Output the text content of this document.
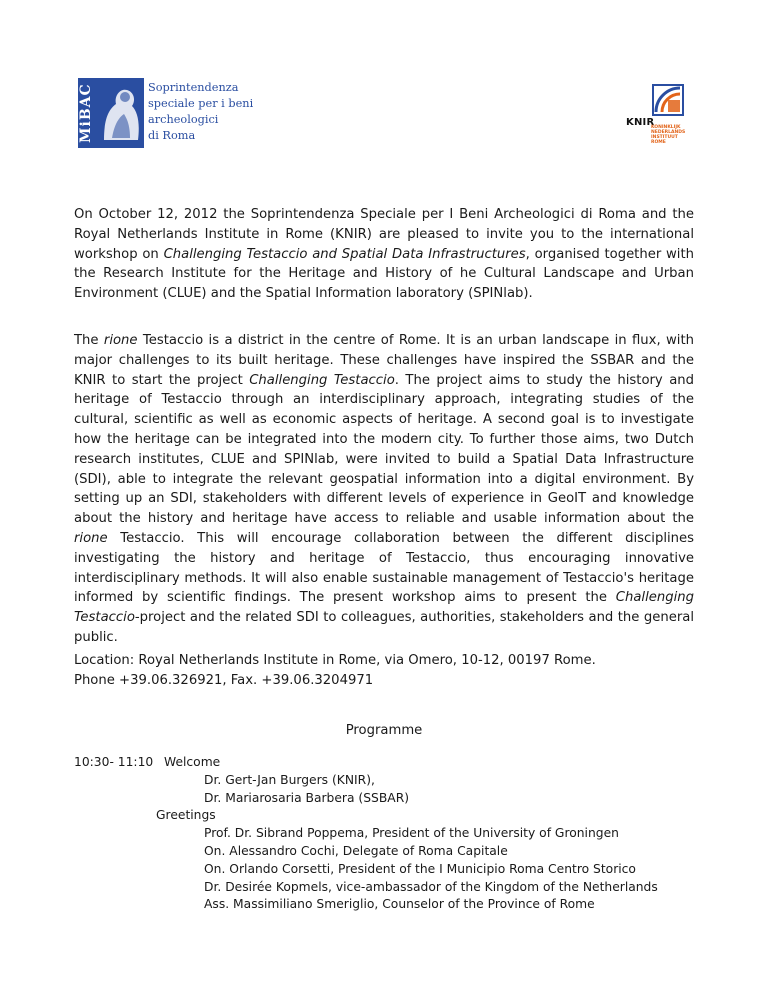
MiBAC	Soprintendenza
speciale per i beni
archeologici
di Roma
KNIR
KONINKLIJK
NEDERLANDS
INSTITUUT
ROME

On October 12, 2012 the Soprintendenza Speciale per I Beni Archeologici di Roma and the Royal Netherlands Institute in Rome (KNIR) are pleased to invite you to the international workshop on Challenging Testaccio and Spatial Data Infrastructures, organised together with the Research Institute for the Heritage and History of he Cultural Landscape and Urban Environment (CLUE) and the Spatial Information laboratory (SPINlab).

The rione Testaccio is a district in the centre of Rome. It is an urban landscape in flux, with major challenges to its built heritage. These challenges have inspired the SSBAR and the KNIR to start the project Challenging Testaccio. The project aims to study the history and heritage of Testaccio through an interdisciplinary approach, integrating studies of the cultural, scientific as well as economic aspects of heritage. A second goal is to investigate how the heritage can be integrated into the modern city. To further those aims, two Dutch research institutes, CLUE and SPINlab, were invited to build a Spatial Data Infrastructure (SDI), able to integrate the relevant geospatial information into a digital environment. By setting up an SDI, stakeholders with different levels of experience in GeoIT and knowledge about the history and heritage have access to reliable and usable information about the rione Testaccio. This will encourage collaboration between the different disciplines investigating the history and heritage of Testaccio, thus encouraging innovative interdisciplinary methods. It will also enable sustainable management of Testaccio's heritage informed by scientific findings. The present workshop aims to present the Challenging Testaccio-project and the related SDI to colleagues, authorities, stakeholders and the general public.

Location: Royal Netherlands Institute in Rome, via Omero, 10-12, 00197 Rome.
Phone +39.06.326921, Fax. +39.06.3204971
Programme
10:30- 11:10 Welcome
Dr. Gert-Jan Burgers (KNIR),
Dr. Mariarosaria Barbera (SSBAR)
Greetings
Prof. Dr. Sibrand Poppema, President of the University of Groningen
On. Alessandro Cochi, Delegate of Roma Capitale
On. Orlando Corsetti, President of the I Municipio Roma Centro Storico
Dr. Desirée Kopmels, vice-ambassador of the Kingdom of the Netherlands
Ass. Massimiliano Smeriglio, Counselor of the Province of Rome
